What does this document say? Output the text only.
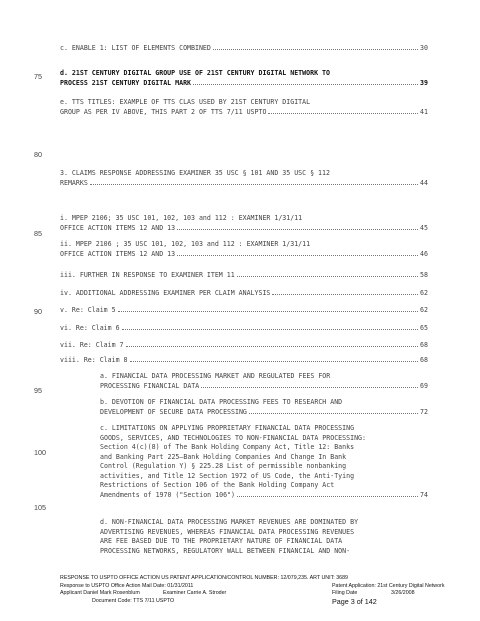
75
80
85
90
95
100
105
c. ENABLE 1: LIST OF ELEMENTS COMBINED	30
d. 21ST CENTURY DIGITAL GROUP USE OF 21ST CENTURY DIGITAL NETWORK TO
PROCESS 21ST CENTURY DIGITAL MARK	39
e. TTS TITLES: EXAMPLE OF TTS CLAS USED BY 21ST CENTURY DIGITAL
GROUP AS PER IV ABOVE, THIS PART 2 OF TTS 7/11 USPTO	41
3. CLAIMS RESPONSE ADDRESSING EXAMINER 35 USC § 101 AND 35 USC § 112
REMARKS	44
i. MPEP 2106; 35 USC 101, 102, 103 and 112 : EXAMINER 1/31/11
OFFICE ACTION ITEMS 12 AND 13	45
ii. MPEP 2106 ; 35 USC 101, 102, 103 and 112 : EXAMINER 1/31/11
OFFICE ACTION ITEMS 12 AND 13	46
iii. FURTHER IN RESPONSE TO EXAMINER ITEM 11	58
iv. ADDITIONAL ADDRESSING EXAMINER PER CLAIM ANALYSIS	62
v. Re: Claim 5	62
vi. Re: Claim 6	65
vii. Re: Claim 7	68
viii. Re: Claim 8	68
a. FINANCIAL DATA PROCESSING MARKET AND REGULATED FEES FOR
PROCESSING FINANCIAL DATA	69
b. DEVOTION OF FINANCIAL DATA PROCESSING FEES TO RESEARCH AND
DEVELOPMENT OF SECURE DATA PROCESSING	72
c. LIMITATIONS ON APPLYING PROPRIETARY FINANCIAL DATA PROCESSING
GOODS, SERVICES, AND TECHNOLOGIES TO NON-FINANCIAL DATA PROCESSING:
Section 4(c)(8) of The Bank Holding Company Act, Title 12: Banks
and Banking Part 225—Bank Holding Companies And Change In Bank
Control (Regulation Y) § 225.28 List of permissible nonbanking
activities, and Title 12 Section 1972 of US Code, the Anti-Tying
Restrictions of Section 106 of the Bank Holding Company Act
Amendments of 1970 ("Section 106")	74
d. NON-FINANCIAL DATA PROCESSING MARKET REVENUES ARE DOMINATED BY
ADVERTISING REVENUES, WHEREAS FINANCIAL DATA PROCESSING REVENUES
ARE FEE BASED DUE TO THE PROPRIETARY NATURE OF FINANCIAL DATA
PROCESSING NETWORKS, REGULATORY WALL BETWEEN FINANCIAL AND NON-
RESPONSE TO USPTO OFFICE ACTION US PATENT APPLICATION/CONTROL NUMBER: 12/079,235. ART UNIT: 3689
Response to USPTO Office Action Mail Date: 01/31/2011	Patent Application: 21st Century Digital Network
Applicant Daniel Mark Rosenblum	Examiner Carrie A. Stroder	Filing Date	3/26/2008
Document Code: TTS 7/11 USPTO	Page 3 of 142
